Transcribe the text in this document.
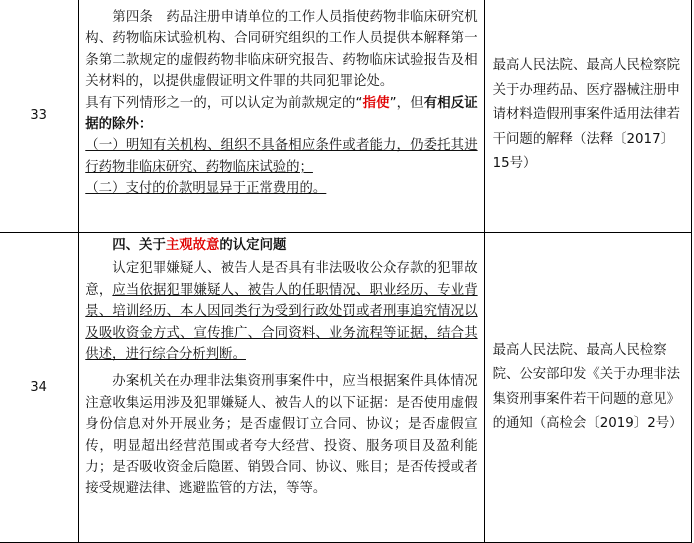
33	第四条　药品注册申请单位的工作人员指使药物非临床研究机构、药物临床试验机构、合同研究组织的工作人员提供本解释第一条第二款规定的虚假药物非临床研究报告、药物临床试验报告及相关材料的，以提供虚假证明文件罪的共同犯罪论处。

具有下列情形之一的，可以认定为前款规定的“指使”，但有相反证据的除外：

（一）明知有关机构、组织不具备相应条件或者能力，仍委托其进行药物非临床研究、药物临床试验的；

（二）支付的价款明显异于正常费用的。	最高人民法院、最高人民检察院关于办理药品、医疗器械注册申请材料造假刑事案件适用法律若干问题的解释（法释〔2017〕15号）
34	四、关于主观故意的认定问题

认定犯罪嫌疑人、被告人是否具有非法吸收公众存款的犯罪故意，应当依据犯罪嫌疑人、被告人的任职情况、职业经历、专业背景、培训经历、本人因同类行为受到行政处罚或者刑事追究情况以及吸收资金方式、宣传推广、合同资料、业务流程等证据，结合其供述，进行综合分析判断。

办案机关在办理非法集资刑事案件中，应当根据案件具体情况注意收集运用涉及犯罪嫌疑人、被告人的以下证据：是否使用虚假身份信息对外开展业务；是否虚假订立合同、协议；是否虚假宣传，明显超出经营范围或者夸大经营、投资、服务项目及盈利能力；是否吸收资金后隐匿、销毁合同、协议、账目；是否传授或者接受规避法律、逃避监管的方法，等等。	最高人民法院、最高人民检察院、公安部印发《关于办理非法集资刑事案件若干问题的意见》的通知（高检会〔2019〕2号）
